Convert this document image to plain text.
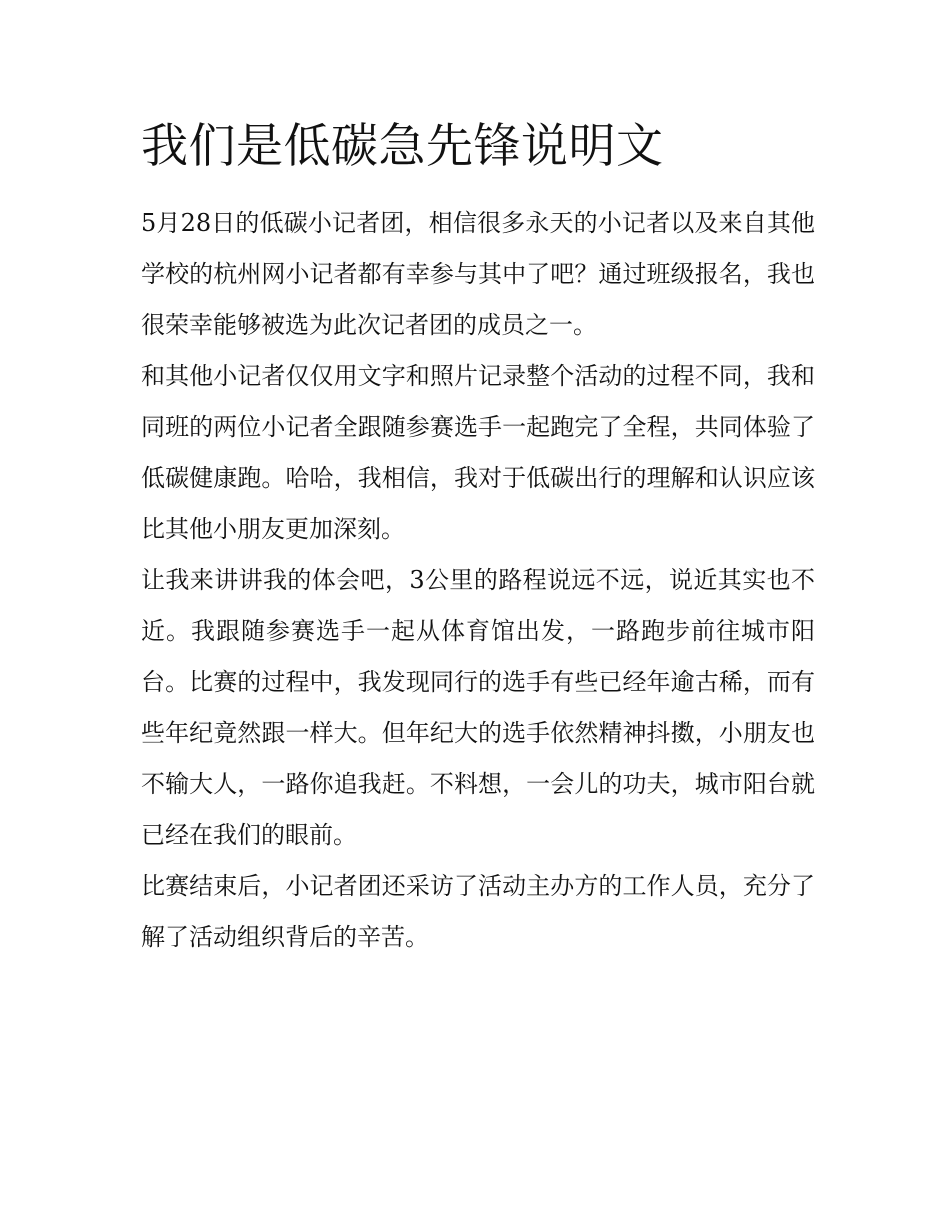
我们是低碳急先锋说明文

5月28日的低碳小记者团，相信很多永天的小记者以及来自其他学校的杭州网小记者都有幸参与其中了吧？通过班级报名，我也很荣幸能够被选为此次记者团的成员之一。

和其他小记者仅仅用文字和照片记录整个活动的过程不同，我和同班的两位小记者全跟随参赛选手一起跑完了全程，共同体验了低碳健康跑。哈哈，我相信，我对于低碳出行的理解和认识应该比其他小朋友更加深刻。

让我来讲讲我的体会吧，3公里的路程说远不远，说近其实也不近。我跟随参赛选手一起从体育馆出发，一路跑步前往城市阳台。比赛的过程中，我发现同行的选手有些已经年逾古稀，而有些年纪竟然跟一样大。但年纪大的选手依然精神抖擞，小朋友也不输大人，一路你追我赶。不料想，一会儿的功夫，城市阳台就已经在我们的眼前。

比赛结束后，小记者团还采访了活动主办方的工作人员，充分了解了活动组织背后的辛苦。
